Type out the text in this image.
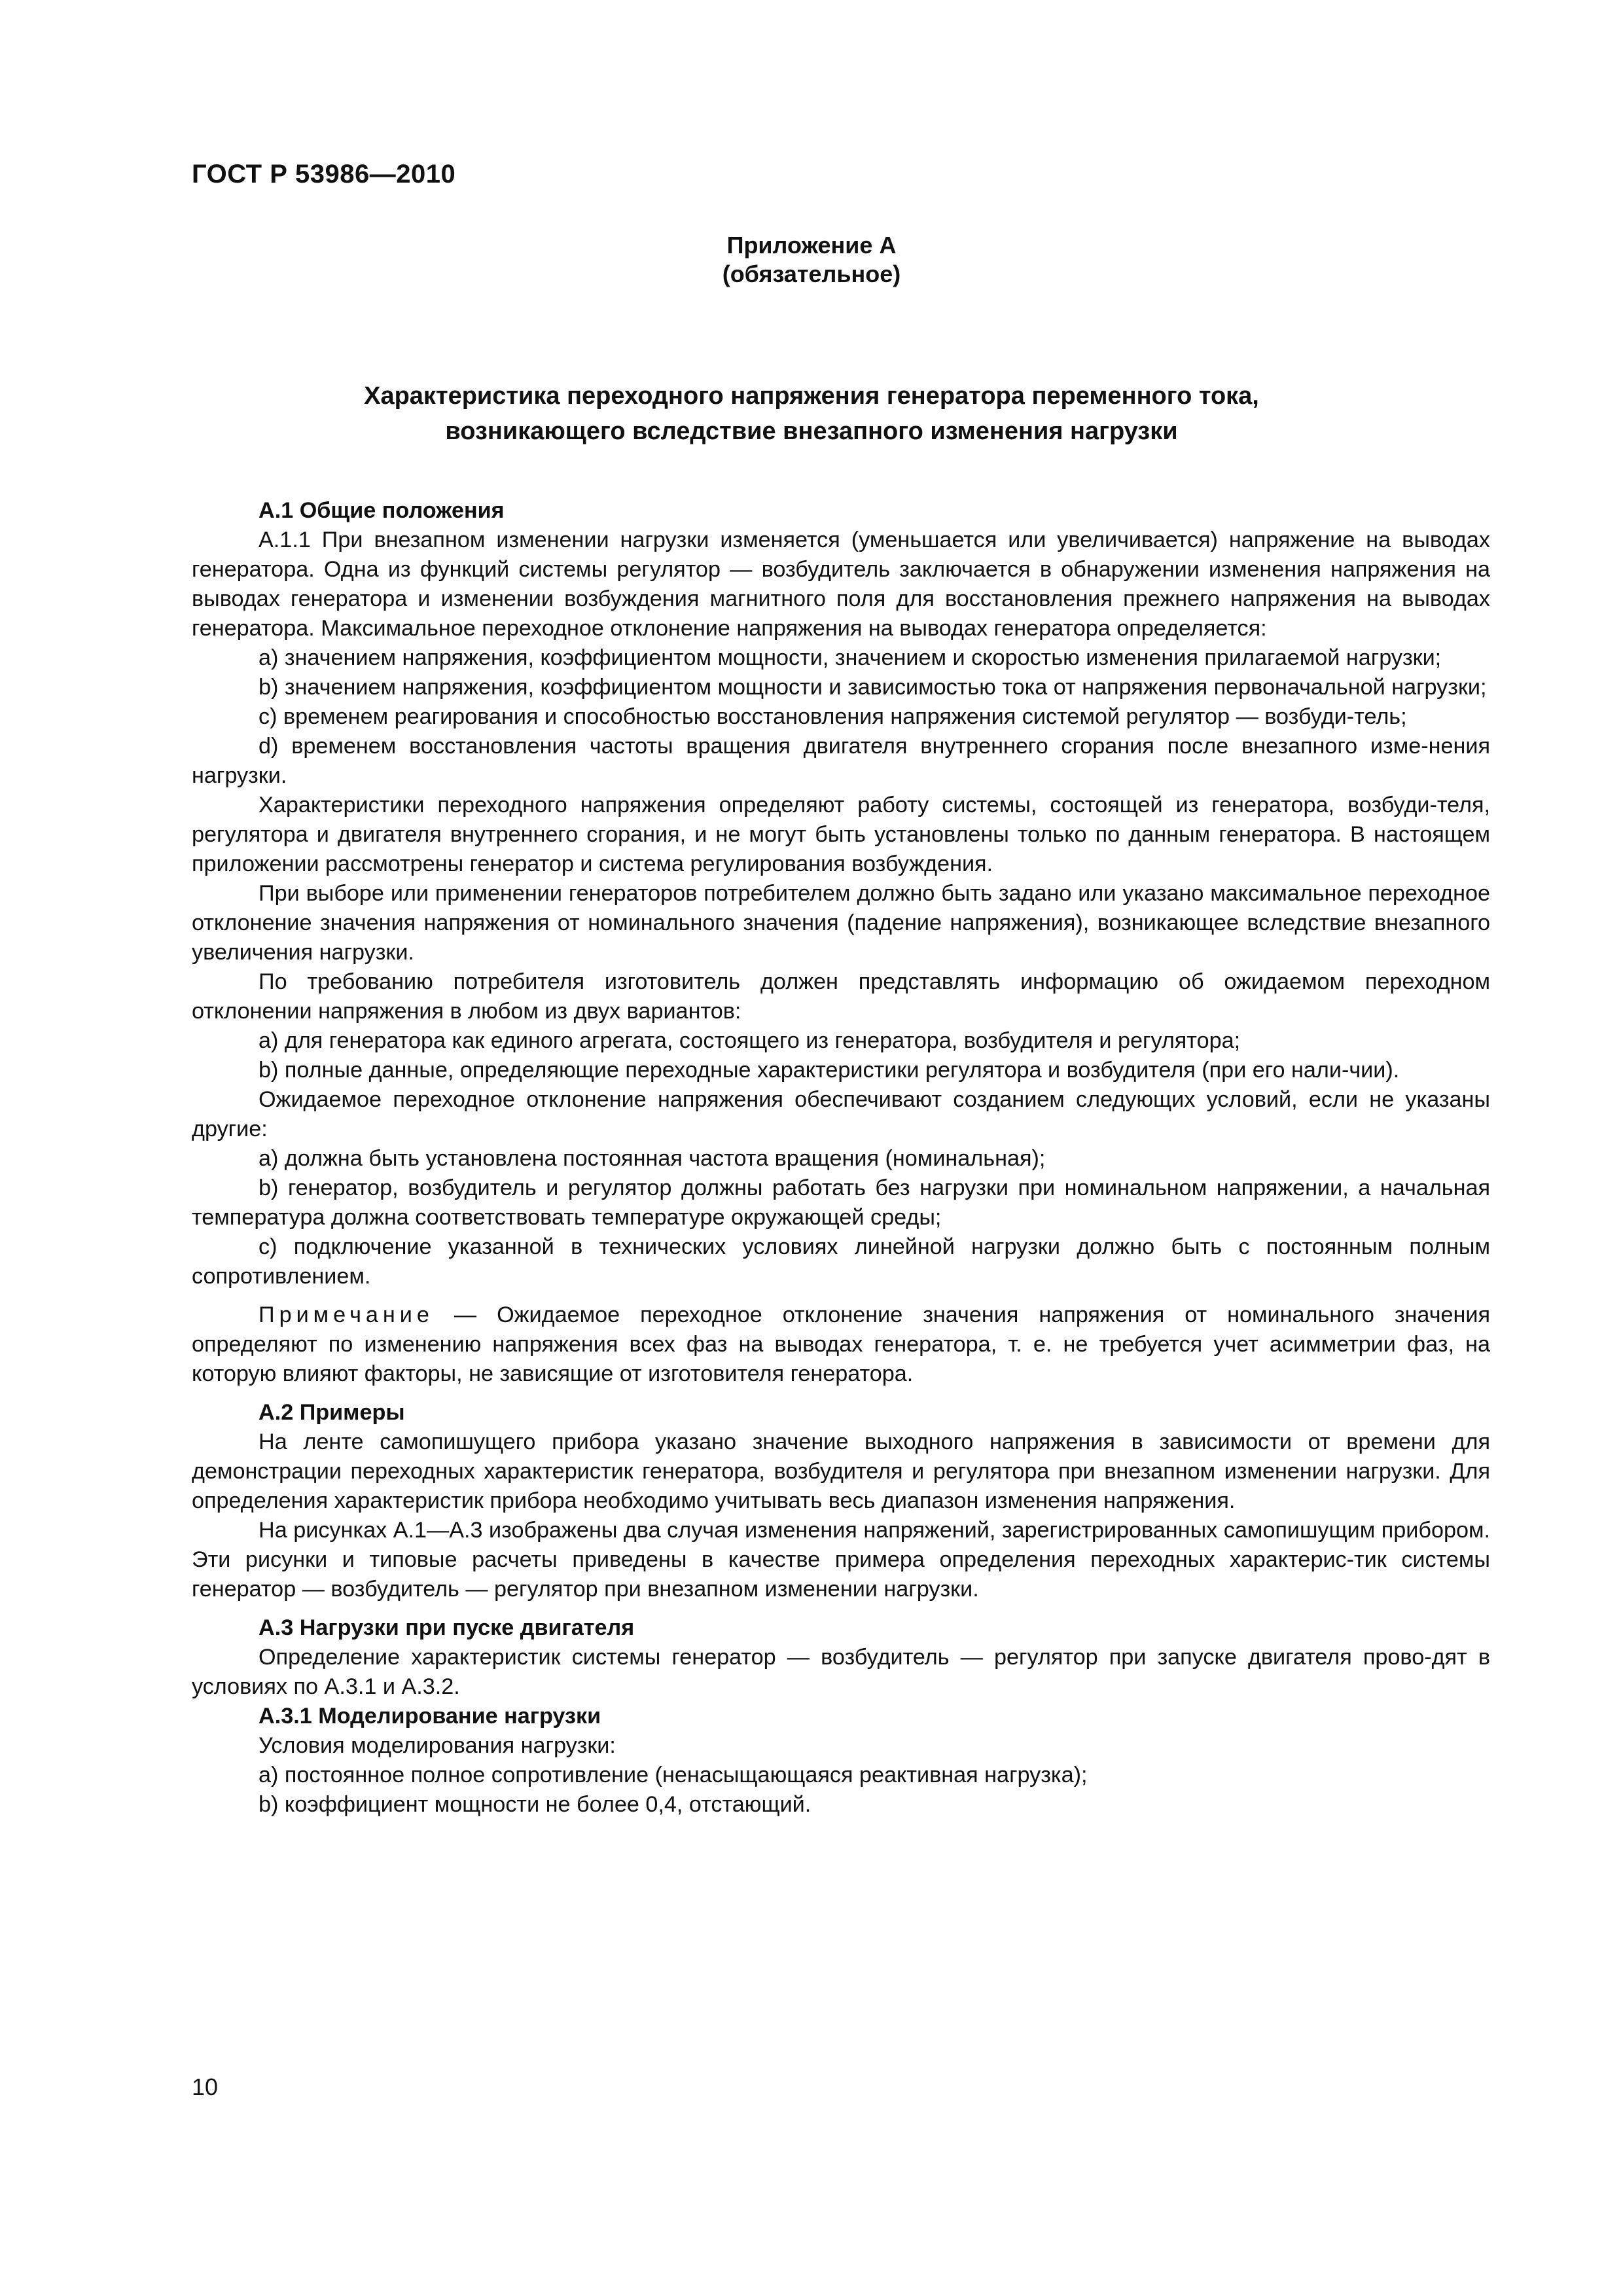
ГОСТ Р 53986—2010
Приложение А
(обязательное)
Характеристика переходного напряжения генератора переменного тока,
возникающего вследствие внезапного изменения нагрузки
А.1 Общие положения

А.1.1 При внезапном изменении нагрузки изменяется (уменьшается или увеличивается) напряжение на выводах генератора. Одна из функций системы регулятор — возбудитель заключается в обнаружении изменения напряжения на выводах генератора и изменении возбуждения магнитного поля для восстановления прежнего напряжения на выводах генератора. Максимальное переходное отклонение напряжения на выводах генератора определяется:

a) значением напряжения, коэффициентом мощности, значением и скоростью изменения прилагаемой нагрузки;

b) значением напряжения, коэффициентом мощности и зависимостью тока от напряжения первоначальной нагрузки;

c) временем реагирования и способностью восстановления напряжения системой регулятор — возбуди-тель;

d) временем восстановления частоты вращения двигателя внутреннего сгорания после внезапного изме-нения нагрузки.

Характеристики переходного напряжения определяют работу системы, состоящей из генератора, возбуди-теля, регулятора и двигателя внутреннего сгорания, и не могут быть установлены только по данным генератора. В настоящем приложении рассмотрены генератор и система регулирования возбуждения.

При выборе или применении генераторов потребителем должно быть задано или указано максимальное переходное отклонение значения напряжения от номинального значения (падение напряжения), возникающее вследствие внезапного увеличения нагрузки.

По требованию потребителя изготовитель должен представлять информацию об ожидаемом переходном отклонении напряжения в любом из двух вариантов:

a) для генератора как единого агрегата, состоящего из генератора, возбудителя и регулятора;

b) полные данные, определяющие переходные характеристики регулятора и возбудителя (при его нали-чии).

Ожидаемое переходное отклонение напряжения обеспечивают созданием следующих условий, если не указаны другие:

a) должна быть установлена постоянная частота вращения (номинальная);

b) генератор, возбудитель и регулятор должны работать без нагрузки при номинальном напряжении, а начальная температура должна соответствовать температуре окружающей среды;

c) подключение указанной в технических условиях линейной нагрузки должно быть с постоянным полным сопротивлением.

Примечание — Ожидаемое переходное отклонение значения напряжения от номинального значения определяют по изменению напряжения всех фаз на выводах генератора, т. е. не требуется учет асимметрии фаз, на которую влияют факторы, не зависящие от изготовителя генератора.

А.2 Примеры

На ленте самопишущего прибора указано значение выходного напряжения в зависимости от времени для демонстрации переходных характеристик генератора, возбудителя и регулятора при внезапном изменении нагрузки. Для определения характеристик прибора необходимо учитывать весь диапазон изменения напряжения.

На рисунках А.1—А.3 изображены два случая изменения напряжений, зарегистрированных самопишущим прибором. Эти рисунки и типовые расчеты приведены в качестве примера определения переходных характерис-тик системы генератор — возбудитель — регулятор при внезапном изменении нагрузки.

А.3 Нагрузки при пуске двигателя

Определение характеристик системы генератор — возбудитель — регулятор при запуске двигателя прово-дят в условиях по А.3.1 и А.3.2.

А.3.1 Моделирование нагрузки

Условия моделирования нагрузки:

a) постоянное полное сопротивление (ненасыщающаяся реактивная нагрузка);

b) коэффициент мощности не более 0,4, отстающий.

10
